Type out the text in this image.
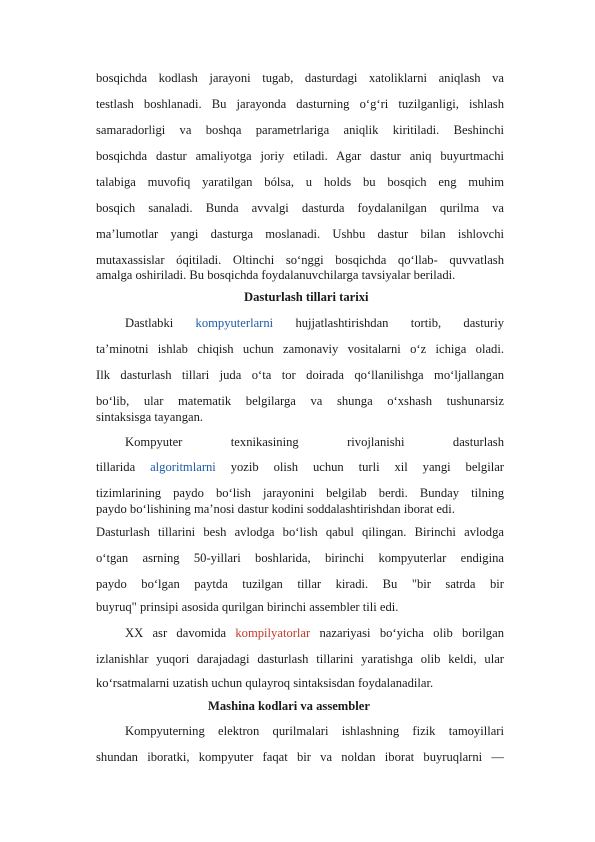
bosqichda kodlash jarayoni tugab, dasturdagi xatoliklarni aniqlash va
testlash boshlanadi. Bu jarayonda dasturning o‘g‘ri tuzilganligi, ishlash
samaradorligi va boshqa parametrlariga aniqlik kiritiladi. Beshinchi
bosqichda dastur amaliyotga joriy etiladi. Agar dastur aniq buyurtmachi
talabiga muvofiq yaratilgan bólsa, u holds bu bosqich eng muhim
bosqich sanaladi. Bunda avvalgi dasturda foydalanilgan qurilma va
ma’lumotlar yangi dasturga moslanadi. Ushbu dastur bilan ishlovchi
mutaxassislar óqitiladi. Oltinchi so‘nggi bosqichda qo‘llab- quvvatlash
amalga oshiriladi. Bu bosqichda foydalanuvchilarga tavsiyalar beriladi.
Dasturlash tillari tarixi
Dastlabki kompyuterlarni hujjatlashtirishdan tortib, dasturiy
ta’minotni ishlab chiqish uchun zamonaviy vositalarni o‘z ichiga oladi.
Ilk dasturlash tillari juda o‘ta tor doirada qo‘llanilishga mo‘ljallangan
bo‘lib, ular matematik belgilarga va shunga o‘xshash tushunarsiz
sintaksisga tayangan.
Kompyuter texnikasining rivojlanishi dasturlash
tillarida algoritmlarni yozib olish uchun turli xil yangi belgilar
tizimlarining paydo bo‘lish jarayonini belgilab berdi. Bunday tilning
paydo bo‘lishining ma’nosi dastur kodini soddalashtirishdan iborat edi.
Dasturlash tillarini besh avlodga bo‘lish qabul qilingan. Birinchi avlodga
o‘tgan asrning 50-yillari boshlarida, birinchi kompyuterlar endigina
paydo bo‘lgan paytda tuzilgan tillar kiradi. Bu "bir satrda bir
buyruq" prinsipi asosida qurilgan birinchi assembler tili edi.
XX asr davomida kompilyatorlar nazariyasi bo‘yicha olib borilgan
izlanishlar yuqori darajadagi dasturlash tillarini yaratishga olib keldi, ular
ko‘rsatmalarni uzatish uchun qulayroq sintaksisdan foydalanadilar.
Mashina kodlari va assembler
Kompyuterning elektron qurilmalari ishlashning fizik tamoyillari
shundan iboratki, kompyuter faqat bir va noldan iborat buyruqlarni —
